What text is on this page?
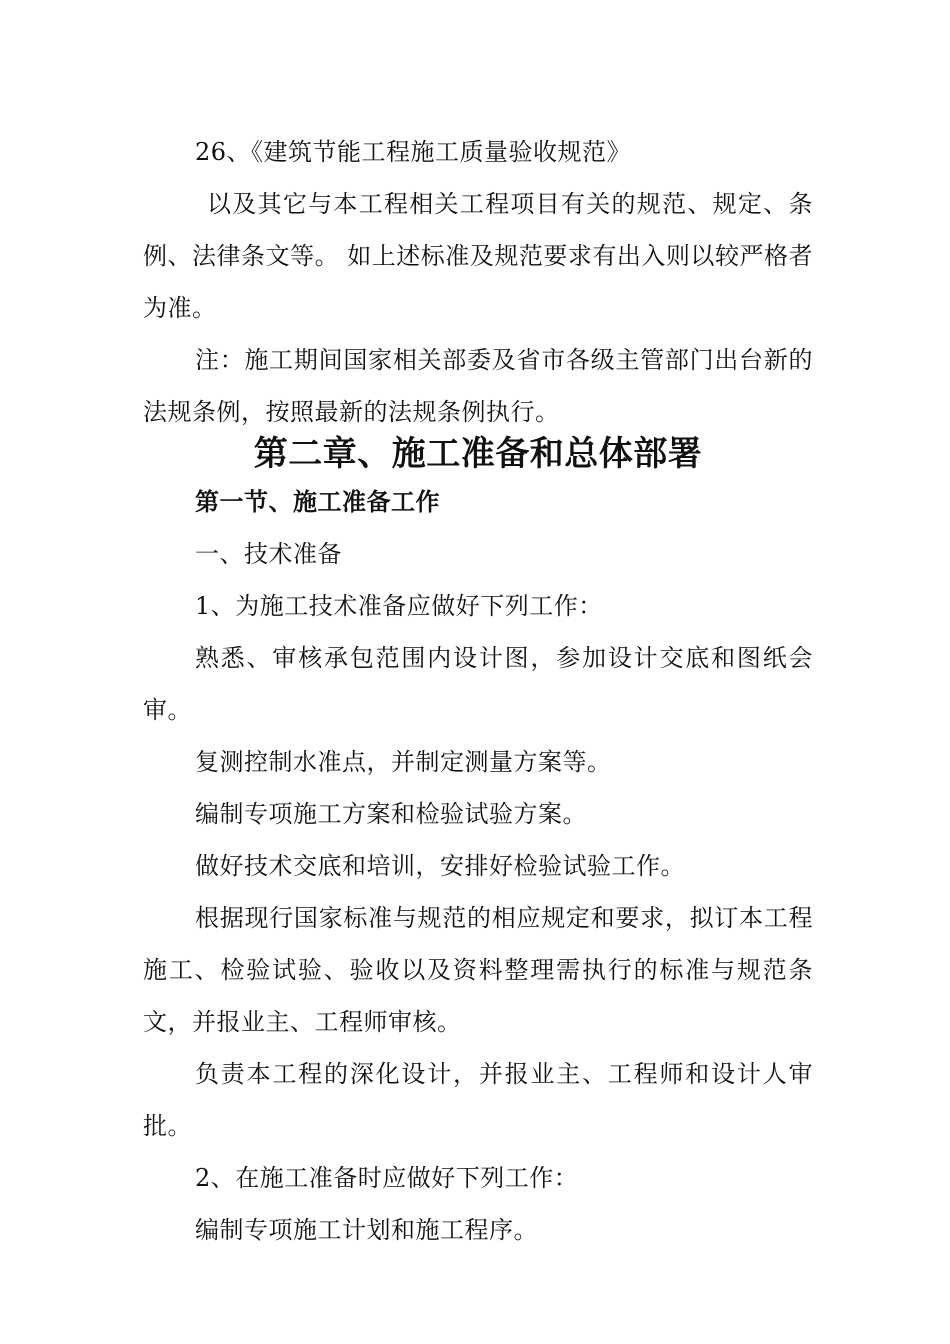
26、《建筑节能工程施工质量验收规范》

以及其它与本工程相关工程项目有关的规范、规定、条例、法律条文等。 如上述标准及规范要求有出入则以较严格者为准。

注：施工期间国家相关部委及省市各级主管部门出台新的法规条例，按照最新的法规条例执行。

第二章、施工准备和总体部署
第一节、施工准备工作

一、技术准备

1、为施工技术准备应做好下列工作：

熟悉、审核承包范围内设计图，参加设计交底和图纸会审。

复测控制水准点，并制定测量方案等。

编制专项施工方案和检验试验方案。

做好技术交底和培训，安排好检验试验工作。

根据现行国家标准与规范的相应规定和要求，拟订本工程施工、检验试验、验收以及资料整理需执行的标准与规范条文，并报业主、工程师审核。

负责本工程的深化设计，并报业主、工程师和设计人审批。

2、在施工准备时应做好下列工作：

编制专项施工计划和施工程序。
